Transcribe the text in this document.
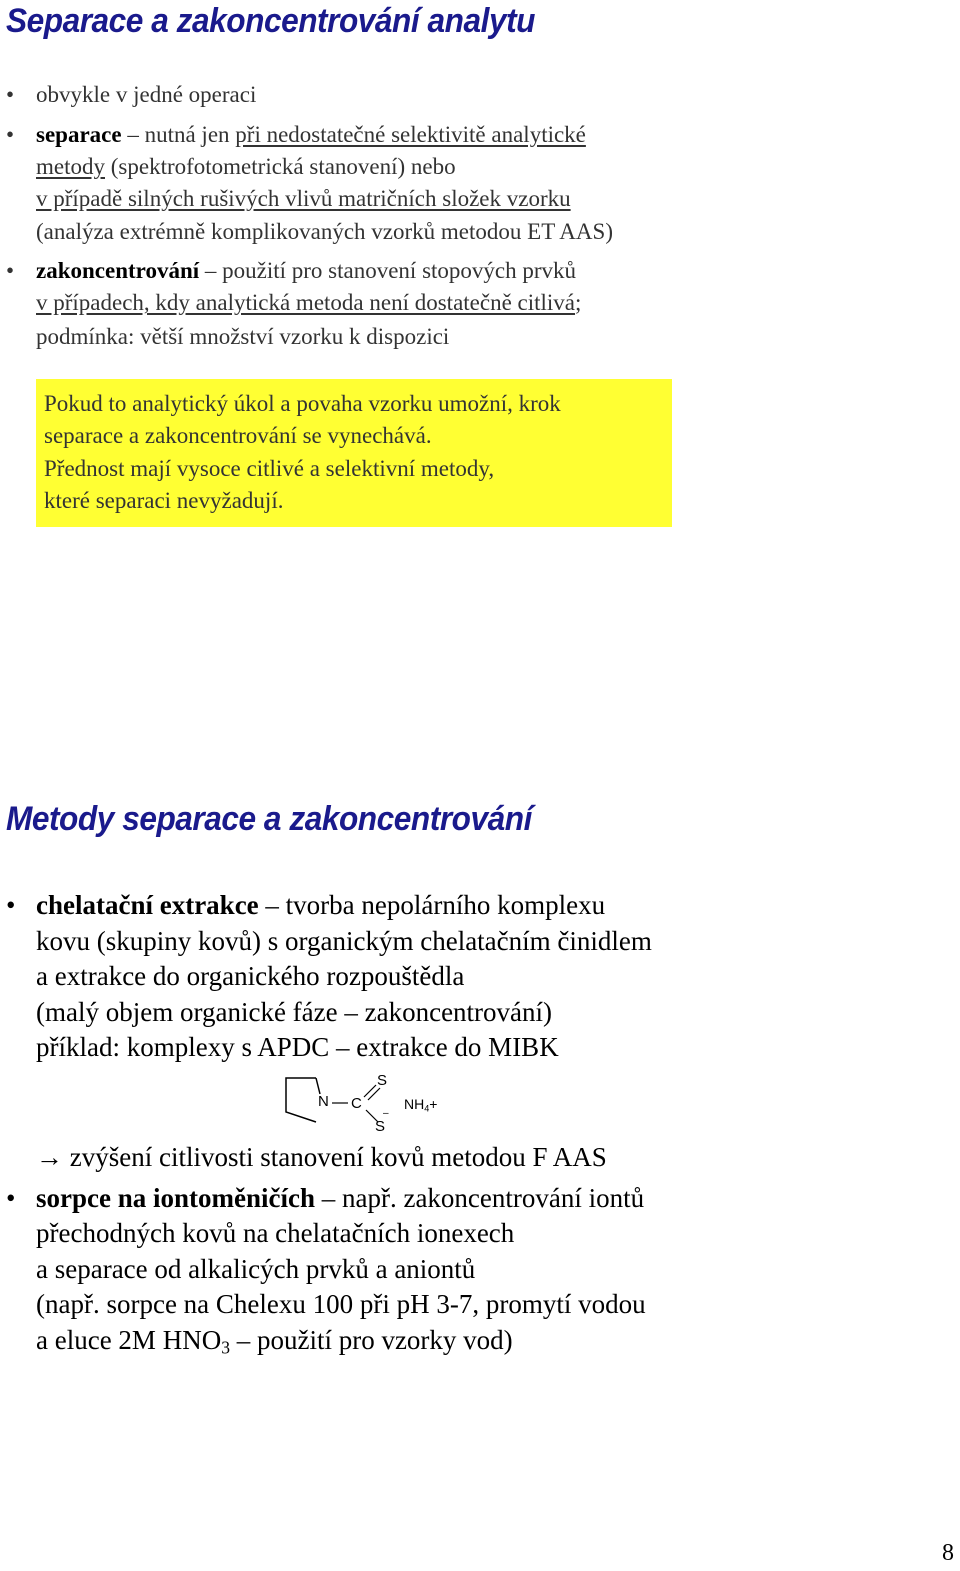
Separace a zakoncentrování analytu
• obvykle v jedné operaci
• separace – nutná jen při nedostatečné selektivitě analytické
metody (spektrofotometrická stanovení) nebo
v případě silných rušivých vlivů matričních složek vzorku
(analýza extrémně komplikovaných vzorků metodou ET AAS)
• zakoncentrování – použití pro stanovení stopových prvků
v případech, kdy analytická metoda není dostatečně citlivá;
podmínka: větší množství vzorku k dispozici
Pokud to analytický úkol a povaha vzorku umožní, krok
separace a zakoncentrování se vynechává.
Přednost mají vysoce citlivé a selektivní metody,
které separaci nevyžadují.
Metody separace a zakoncentrování
• chelatační extrakce – tvorba nepolárního komplexu
kovu (skupiny kovů) s organickým chelatačním činidlem
a extrakce do organického rozpouštědla
(malý objem organické fáze – zakoncentrování)
příklad: komplexy s APDC – extrakce do MIBK
N C
S
–
S
$NH_4+$
→ zvýšení citlivosti stanovení kovů metodou F AAS
• sorpce na iontoměničích – např. zakoncentrování iontů
přechodných kovů na chelatačních ionexech
a separace od alkalicých prvků a aniontů
(např. sorpce na Chelexu 100 při pH 3-7, promytí vodou
a eluce 2M $HNO_3$ – použití pro vzorky vod)
8
